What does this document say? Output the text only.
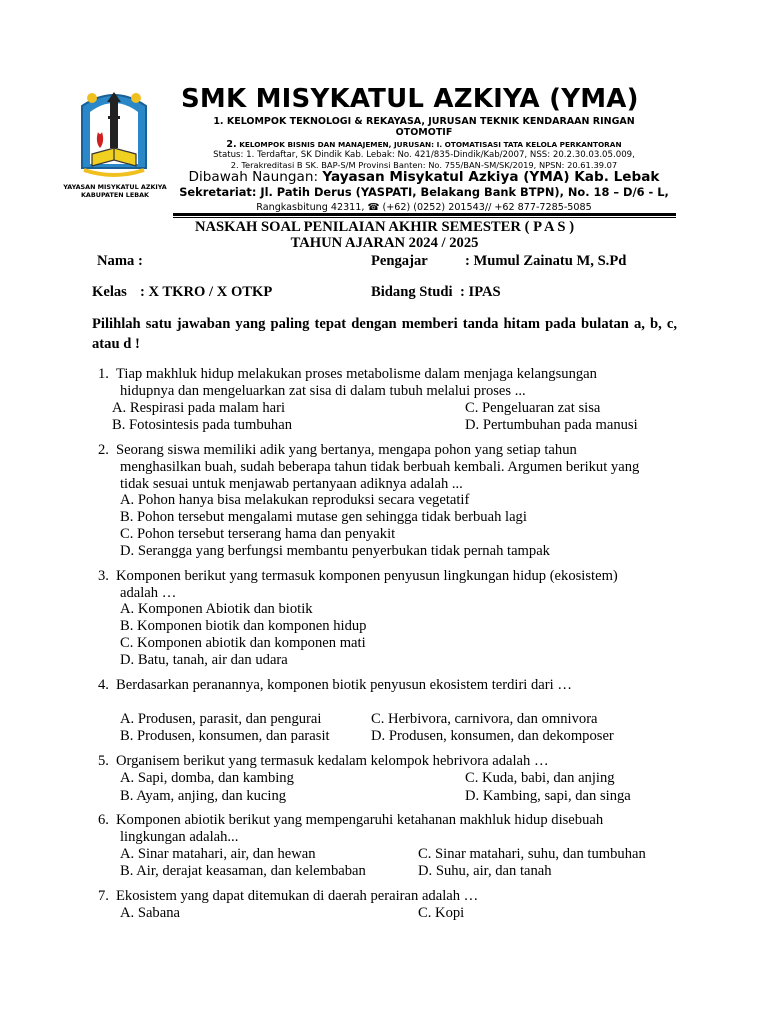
YAYASAN MISYKATUL AZKIYA
KABUPATEN LEBAK
SMK MISYKATUL AZKIYA (YMA)
1. KELOMPOK TEKNOLOGI & REKAYASA, JURUSAN TEKNIK KENDARAAN RINGAN
OTOMOTIF
2. KELOMPOK BISNIS DAN MANAJEMEN, JURUSAN: I. OTOMATISASI TATA KELOLA PERKANTORAN
Status: 1. Terdaftar, SK Dindik Kab. Lebak: No. 421/835-Dindik/Kab/2007, NSS: 20.2.30.03.05.009,
2. Terakreditasi B SK. BAP-S/M Provinsi Banten: No. 755/BAN-SM/SK/2019, NPSN: 20.61.39.07
Dibawah Naungan: Yayasan Misykatul Azkiya (YMA) Kab. Lebak
Sekretariat: Jl. Patih Derus (YASPATI, Belakang Bank BTPN), No. 18 – D/6 - L,
Rangkasbitung 42311, ☎ (+62) (0252) 201543// +62 877-7285-5085
NASKAH SOAL PENILAIAN AKHIR SEMESTER ( P A S )
TAHUN AJARAN 2024 / 2025
Nama :	Pengajar	: Mumul Zainatu M, S.Pd
Kelas : X TKRO / X OTKP	Bidang Studi : IPAS
Pilihlah satu jawaban yang paling tepat dengan memberi tanda hitam pada bulatan a, b, c, atau d !
1. Tiap makhluk hidup melakukan proses metabolisme dalam menjaga kelangsungan
hidupnya dan mengeluarkan zat sisa di dalam tubuh melalui proses ...
A. Respirasi pada malam hari	C. Pengeluaran zat sisa
B. Fotosintesis pada tumbuhan	D. Pertumbuhan pada manusi
2. Seorang siswa memiliki adik yang bertanya, mengapa pohon yang setiap tahun
menghasilkan buah, sudah beberapa tahun tidak berbuah kembali. Argumen berikut yang
tidak sesuai untuk menjawab pertanyaan adiknya adalah ...
A. Pohon hanya bisa melakukan reproduksi secara vegetatif
B. Pohon tersebut mengalami mutase gen sehingga tidak berbuah lagi
C. Pohon tersebut terserang hama dan penyakit
D. Serangga yang berfungsi membantu penyerbukan tidak pernah tampak
3. Komponen berikut yang termasuk komponen penyusun lingkungan hidup (ekosistem)
adalah …
A. Komponen Abiotik dan biotik
B. Komponen biotik dan komponen hidup
C. Komponen abiotik dan komponen mati
D. Batu, tanah, air dan udara
4. Berdasarkan peranannya, komponen biotik penyusun ekosistem terdiri dari …
A. Produsen, parasit, dan pengurai	C. Herbivora, carnivora, dan omnivora
B. Produsen, konsumen, dan parasit	D. Produsen, konsumen, dan dekomposer
5. Organisem berikut yang termasuk kedalam kelompok hebrivora adalah …
A. Sapi, domba, dan kambing	C. Kuda, babi, dan anjing
B. Ayam, anjing, dan kucing	D. Kambing, sapi, dan singa
6. Komponen abiotik berikut yang mempengaruhi ketahanan makhluk hidup disebuah
lingkungan adalah...
A. Sinar matahari, air, dan hewan	C. Sinar matahari, suhu, dan tumbuhan
B. Air, derajat keasaman, dan kelembaban	D. Suhu, air, dan tanah
7. Ekosistem yang dapat ditemukan di daerah perairan adalah …
A. Sabana	C. Kopi
